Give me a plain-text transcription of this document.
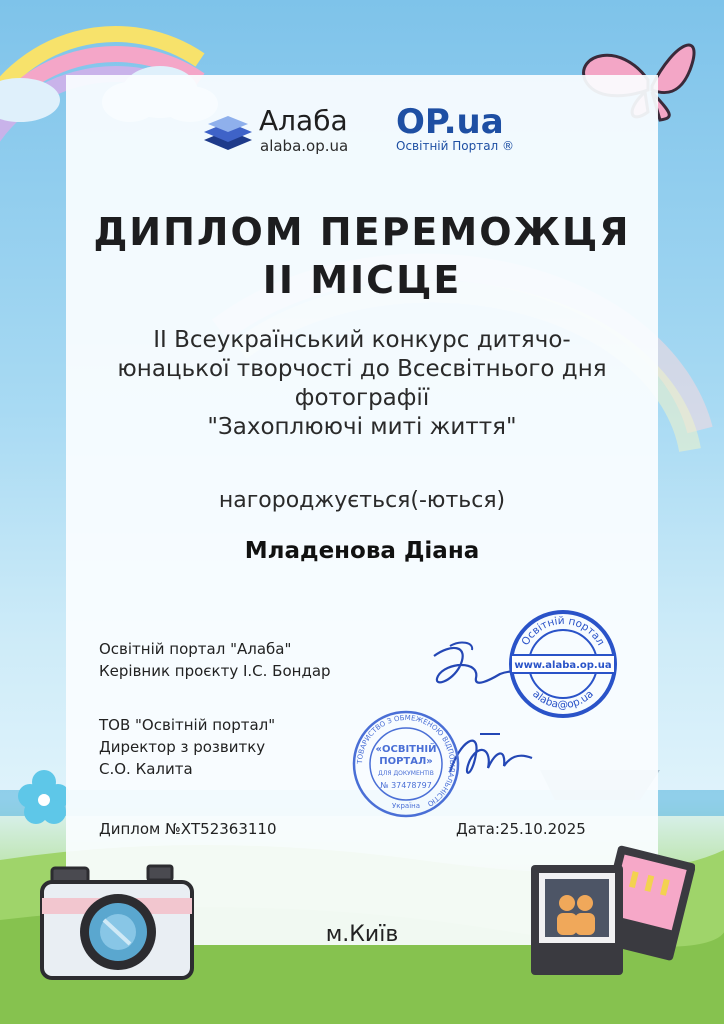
Алаба
alaba.op.ua
OP.ua
Освітній Портал ®
ДИПЛОМ ПЕРЕМОЖЦЯ
II МІСЦЕ
II Всеукраїнський конкурс дитячо-
юнацької творчості до Всесвітнього дня
фотографії
"Захоплюючі миті життя"
нагороджується(-ються)
Младенова Діана
Освітній портал "Алаба"
Керівник проєкту І.С. Бондар
ТОВ "Освітній портал"
Директор з розвитку
С.О. Калита
Освітній портал
www.alaba.op.ua
alaba@op.ua
ТОВАРИСТВО З ОБМЕЖЕНОЮ ВІДПОВІДАЛЬНІСТЮ
«ОСВІТНІЙ
ПОРТАЛ»
ДЛЯ ДОКУМЕНТІВ
№ 37478797
Україна
Диплом №ХТ52363110	Дата:25.10.2025
м.Київ
